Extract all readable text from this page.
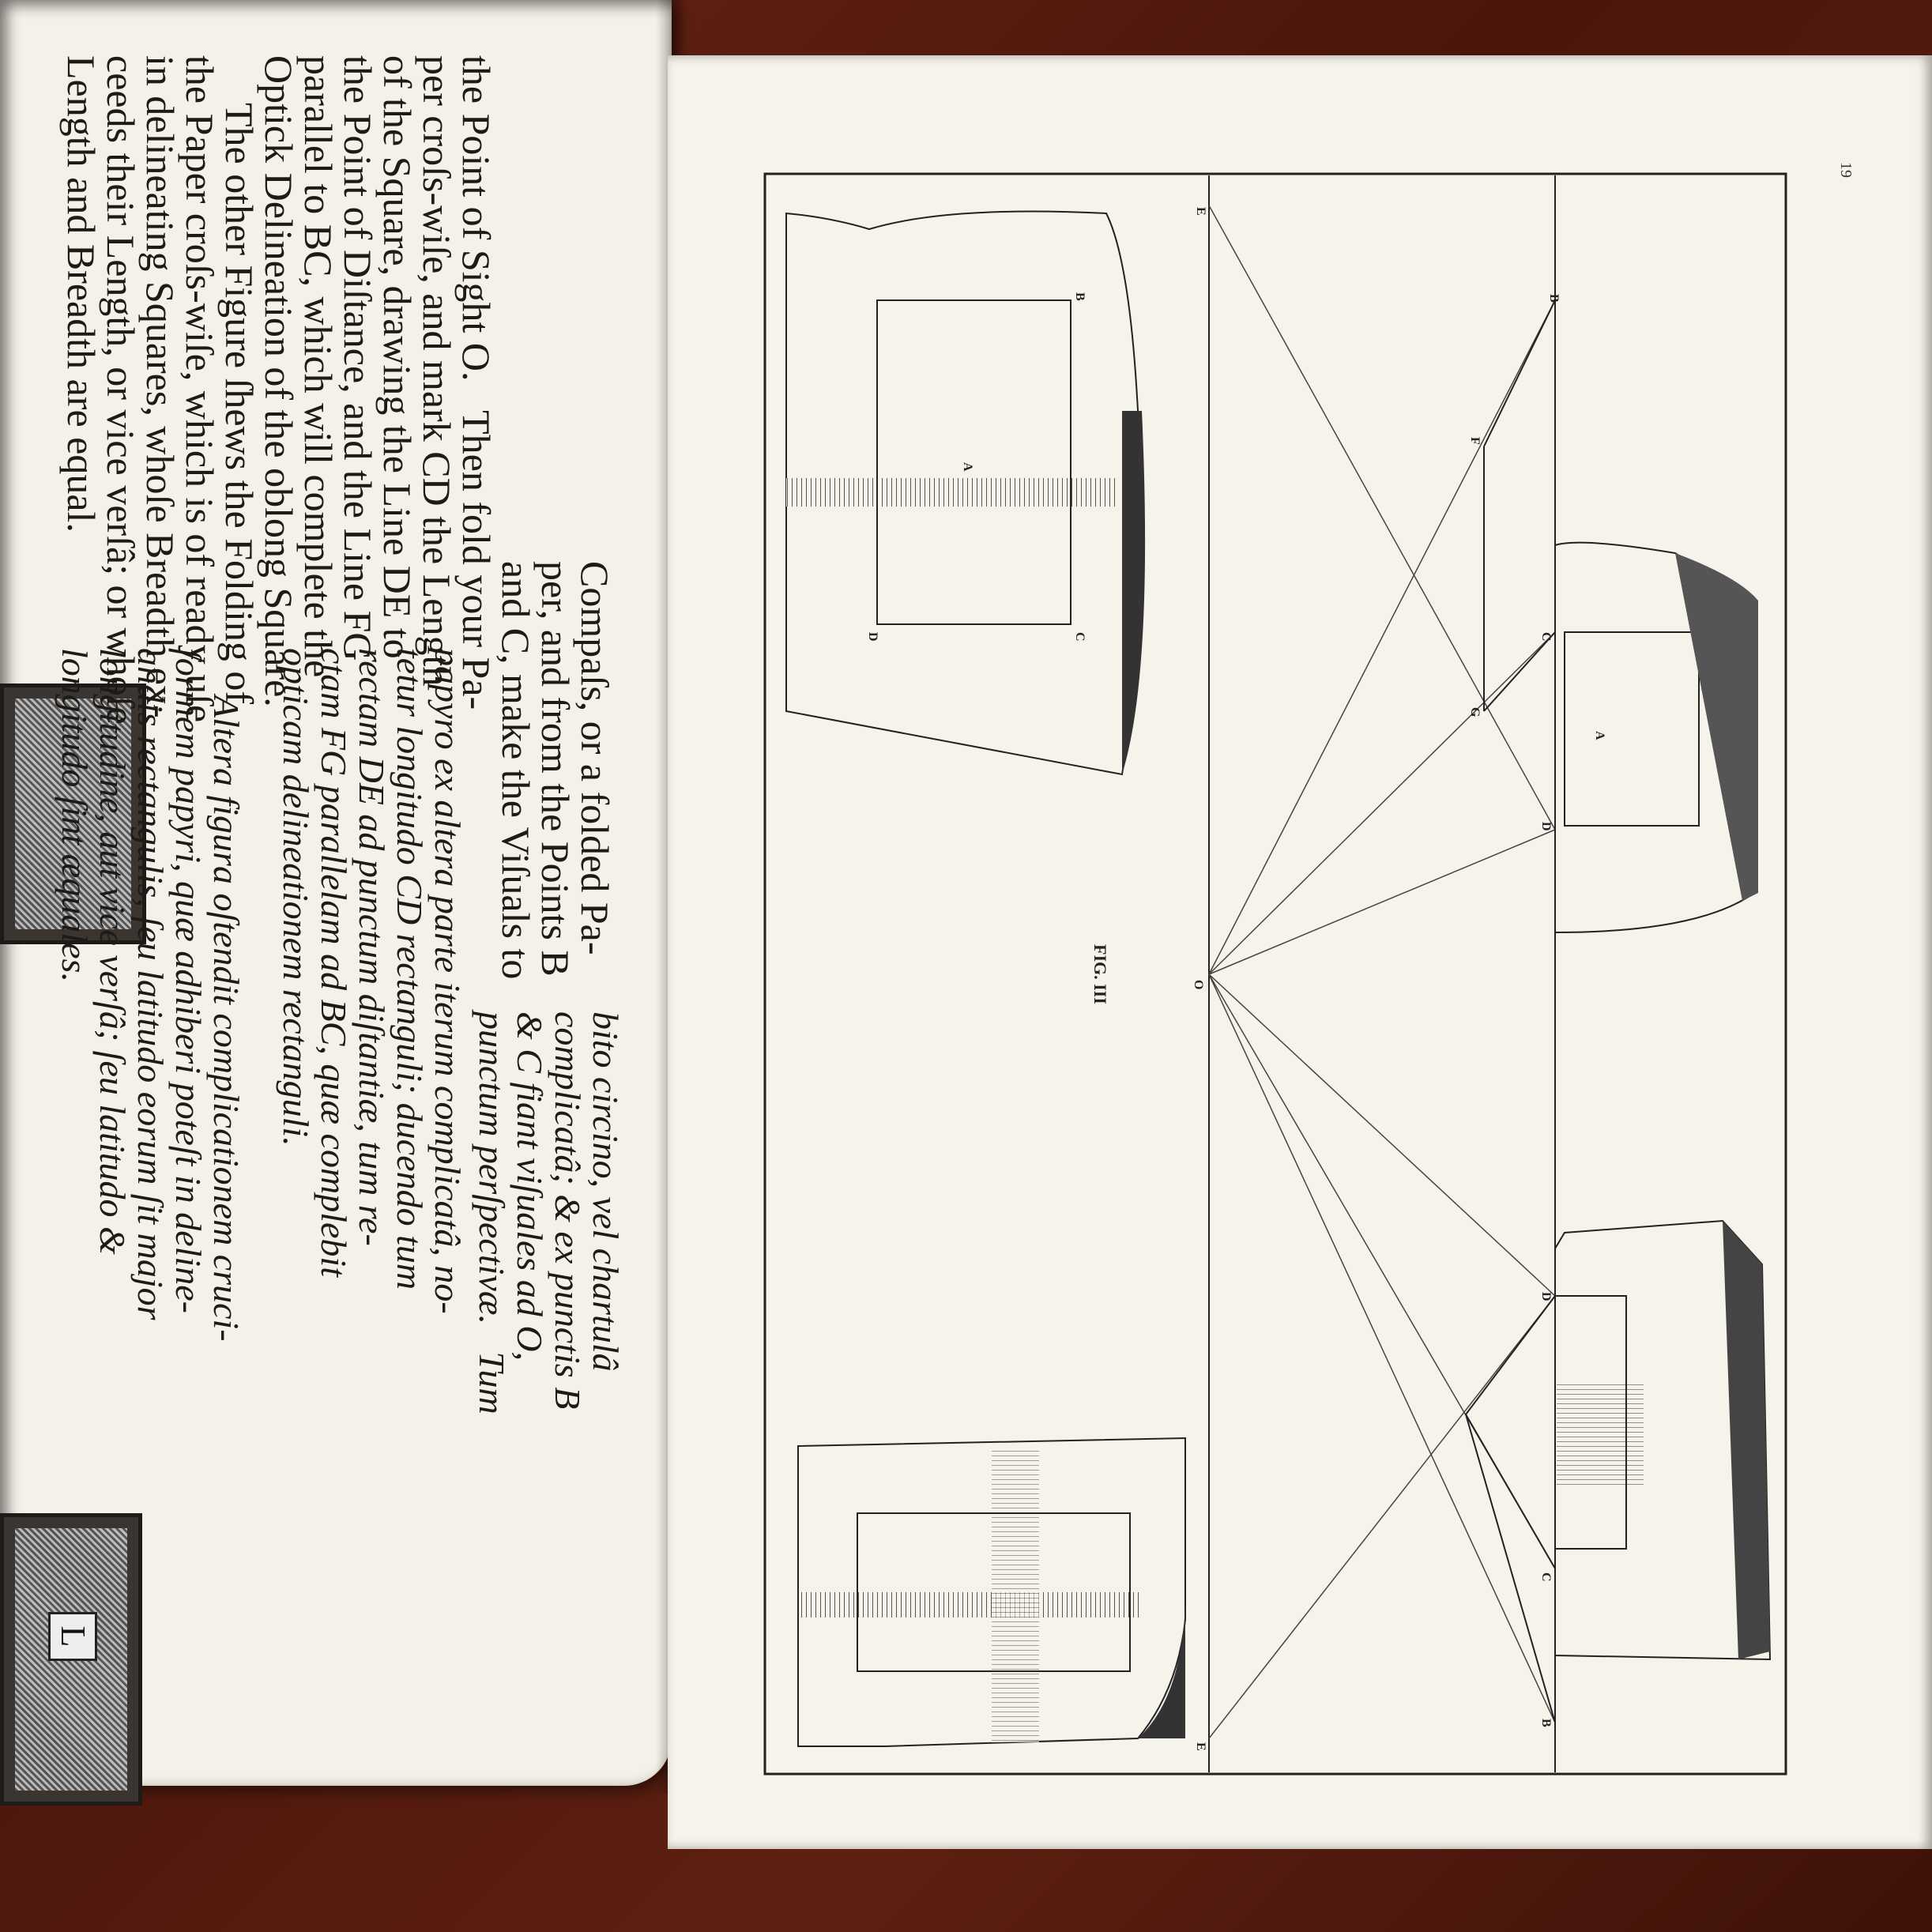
L
Compaſs, or a folded Pa-
per, and from the Points B
and C, make the Viſuals to
the Point of Sight O.   Then fold your Pa-
per croſs-wiſe, and mark CD the Length
of the Square, drawing the Line DE to
the Point of Diſtance, and the Line FG
parallel to BC, which will complete the
Optick Delineation of the oblong Square.
The other Figure ſhews the Folding of
the Paper croſs-wiſe, which is of ready uſe
in delineating Squares, whoſe Breadth ex-
ceeds their Length, or vice verſâ; or whoſe
Length and Breadth are equal.
bito circino, vel chartulâ
complicatâ; & ex punctis B
& C fiant viſuales ad O,
punctum perſpectivæ.   Tum
papyro ex altera parte iterum complicatâ, no-
tetur longitudo CD rectanguli; ducendo tum
rectam DE ad punctum diſtantiæ, tum re-
ctam FG parallelam ad BC, quæ complebit
opticam delineationem rectanguli.
Altera figura oſtendit complicationem cruci-
formem papyri, quæ adhiberi poteſt in deline-
andis rectangulis, ſeu latitudo eorum ſit major
longitudine, aut vice verſâ; ſeu latitudo &
longitudo ſint æquales.
O
E
E
A
A
B
C
D
B
C
D
F
G
C
D
B
FIG. III
19
